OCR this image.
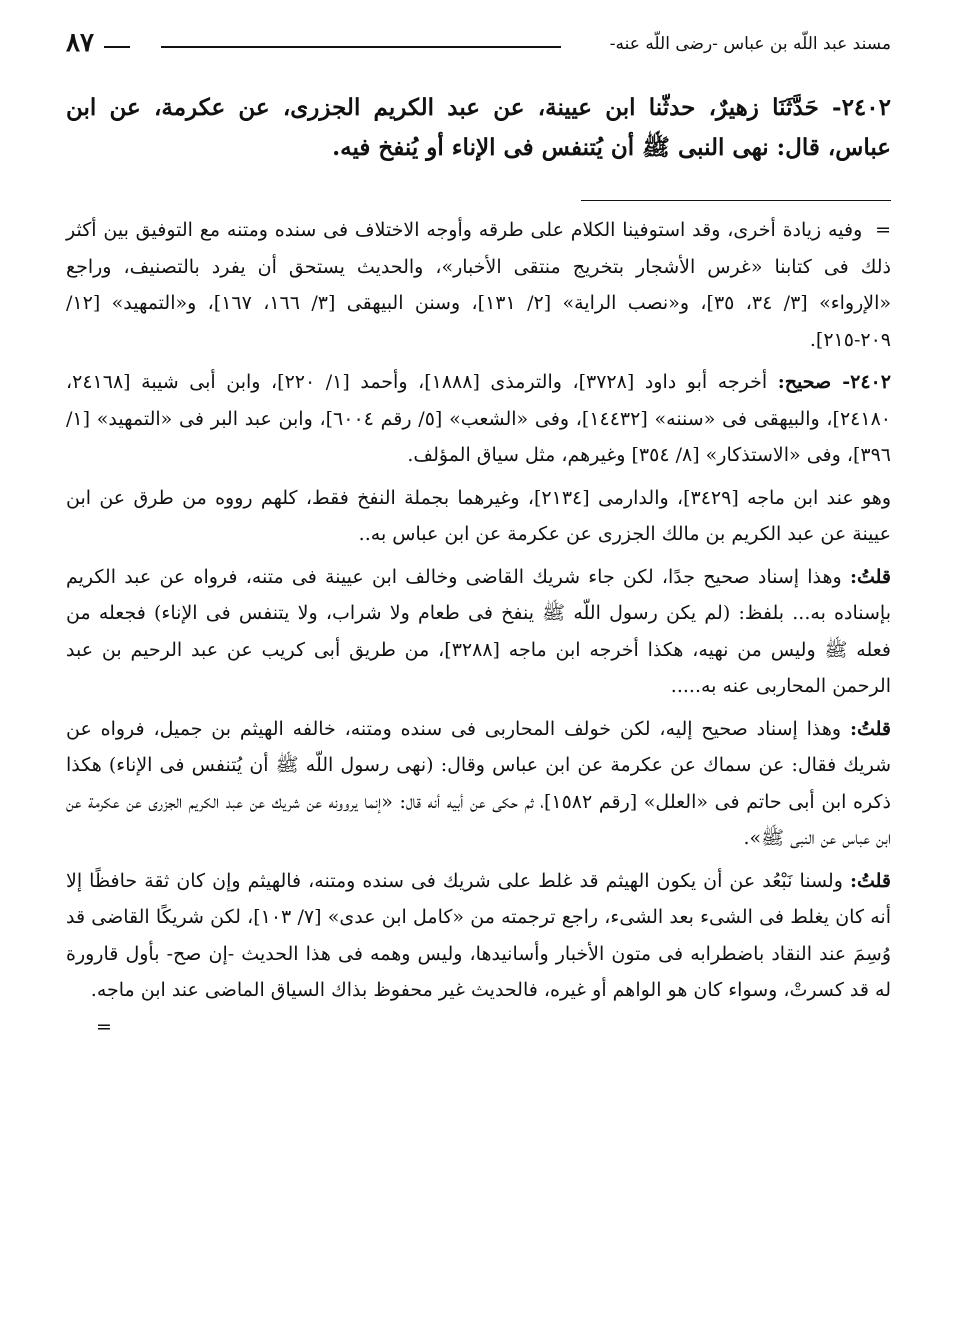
مسند عبد اللّه بن عباس -رضى اللّه عنه-
٨٧
٢٤٠٢- حَدَّثَنَا زهيرٌ، حدثّنا ابن عيينة، عن عبد الكريم الجزرى، عن عكرمة، عن ابن عباس، قال: نهى النبى ﷺ أن يُتنفس فى الإناء أو يُنفخ فيه.

= وفيه زيادة أخرى، وقد استوفينا الكلام على طرقه وأوجه الاختلاف فى سنده ومتنه مع التوفيق بين أكثر ذلك فى كتابنا «غرس الأشجار بتخريج منتقى الأخبار»، والحديث يستحق أن يفرد بالتصنيف، وراجع «الإرواء» [٣/ ٣٤، ٣٥]، و«نصب الراية» [٢/ ١٣١]، وسنن البيهقى [٣/ ١٦٦، ١٦٧]، و«التمهيد» [١٢/ ٢٠٩-٢١٥].

٢٤٠٢- صحيح: أخرجه أبو داود [٣٧٢٨]، والترمذى [١٨٨٨]، وأحمد [١/ ٢٢٠]، وابن أبى شيبة [٢٤١٦٨، ٢٤١٨٠]، والبيهقى فى «سننه» [١٤٤٣٢]، وفى «الشعب» [٥/ رقم ٦٠٠٤]، وابن عبد البر فى «التمهيد» [١/ ٣٩٦]، وفى «الاستذكار» [٨/ ٣٥٤] وغيرهم، مثل سياق المؤلف.

وهو عند ابن ماجه [٣٤٢٩]، والدارمى [٢١٣٤]، وغيرهما بجملة النفخ فقط، كلهم رووه من طرق عن ابن عيينة عن عبد الكريم بن مالك الجزرى عن عكرمة عن ابن عباس به..

قلتُ: وهذا إسناد صحيح جدًا، لكن جاء شريك القاضى وخالف ابن عيينة فى متنه، فرواه عن عبد الكريم بإسناده به... بلفظ: (لم يكن رسول اللّه ﷺ ينفخ فى طعام ولا شراب، ولا يتنفس فى الإناء) فجعله من فعله ﷺ وليس من نهيه، هكذا أخرجه ابن ماجه [٣٢٨٨]، من طريق أبى كريب عن عبد الرحيم بن عبد الرحمن المحاربى عنه به.....

قلتُ: وهذا إسناد صحيح إليه، لكن خولف المحاربى فى سنده ومتنه، خالفه الهيثم بن جميل، فرواه عن شريك فقال: عن سماك عن عكرمة عن ابن عباس وقال: (نهى رسول اللّه ﷺ أن يُتنفس فى الإناء) هكذا ذكره ابن أبى حاتم فى «العلل» [رقم ١٥٨٢]، ثم حكى عن أبيه أنه قال: «إنما يروونه عن شريك عن عبد الكريم الجزرى عن عكرمة عن ابن عباس عن النبى ﷺ».

قلتُ: ولسنا نَبْعُد عن أن يكون الهيثم قد غلط على شريك فى سنده ومتنه، فالهيثم وإن كان ثقة حافظًا إلا أنه كان يغلط فى الشىء بعد الشىء، راجع ترجمته من «كامل ابن عدى» [٧/ ١٠٣]، لكن شريكًا القاضى قد وُسِمَ عند النقاد باضطرابه فى متون الأخبار وأسانيدها، وليس وهمه فى هذا الحديث -إن صح- بأول قارورة له قد كسرتْ، وسواء كان هو الواهم أو غيره، فالحديث غير محفوظ بذاك السياق الماضى عند ابن ماجه.
=
